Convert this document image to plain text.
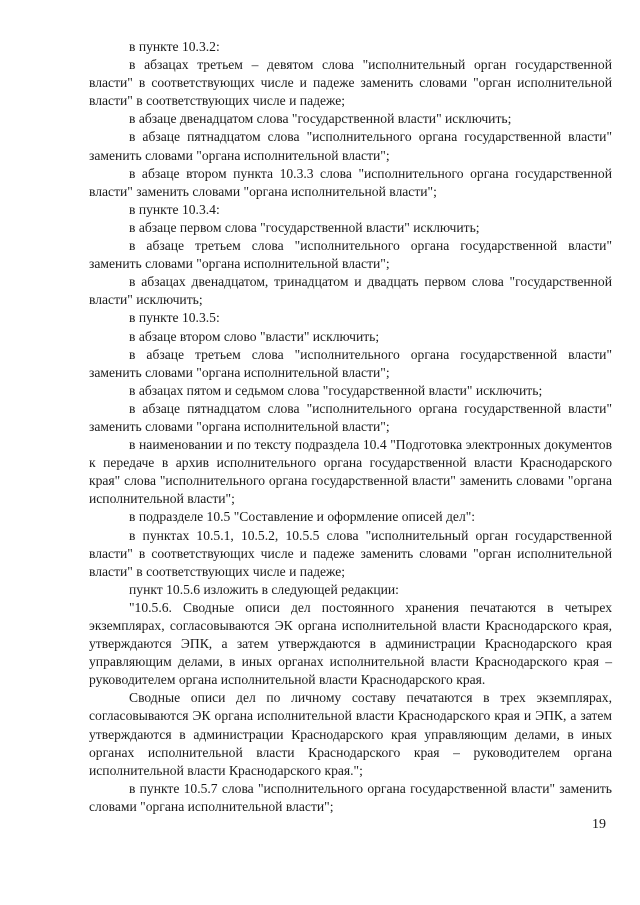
в пункте 10.3.2:

в абзацах третьем – девятом слова "исполнительный орган государственной власти" в соответствующих числе и падеже заменить словами "орган исполнительной власти" в соответствующих числе и падеже;

в абзаце двенадцатом слова "государственной власти" исключить;

в абзаце пятнадцатом слова "исполнительного органа государственной власти" заменить словами "органа исполнительной власти";

в абзаце втором пункта 10.3.3 слова "исполнительного органа государственной власти" заменить словами "органа исполнительной власти";

в пункте 10.3.4:

в абзаце первом слова "государственной власти" исключить;

в абзаце третьем слова "исполнительного органа государственной власти" заменить словами "органа исполнительной власти";

в абзацах двенадцатом, тринадцатом и двадцать первом слова "государственной власти" исключить;

в пункте 10.3.5:

в абзаце втором слово "власти" исключить;

в абзаце третьем слова "исполнительного органа государственной власти" заменить словами "органа исполнительной власти";

в абзацах пятом и седьмом слова "государственной власти" исключить;

в абзаце пятнадцатом слова "исполнительного органа государственной власти" заменить словами "органа исполнительной власти";

в наименовании и по тексту подраздела 10.4 "Подготовка электронных документов к передаче в архив исполнительного органа государственной власти Краснодарского края" слова "исполнительного органа государственной власти" заменить словами "органа исполнительной власти";

в подразделе 10.5 "Составление и оформление описей дел":

в пунктах 10.5.1, 10.5.2, 10.5.5 слова "исполнительный орган государственной власти" в соответствующих числе и падеже заменить словами "орган исполнительной власти" в соответствующих числе и падеже;

пункт 10.5.6 изложить в следующей редакции:

"10.5.6. Сводные описи дел постоянного хранения печатаются в четырех экземплярах, согласовываются ЭК органа исполнительной власти Краснодарского края, утверждаются ЭПК, а затем утверждаются в администрации Краснодарского края управляющим делами, в иных органах исполнительной власти Краснодарского края – руководителем органа исполнительной власти Краснодарского края.

Сводные описи дел по личному составу печатаются в трех экземплярах, согласовываются ЭК органа исполнительной власти Краснодарского края и ЭПК, а затем утверждаются в администрации Краснодарского края управляющим делами, в иных органах исполнительной власти Краснодарского края – руководителем органа исполнительной власти Краснодарского края.";

в пункте 10.5.7 слова "исполнительного органа государственной власти" заменить словами "органа исполнительной власти";

19
